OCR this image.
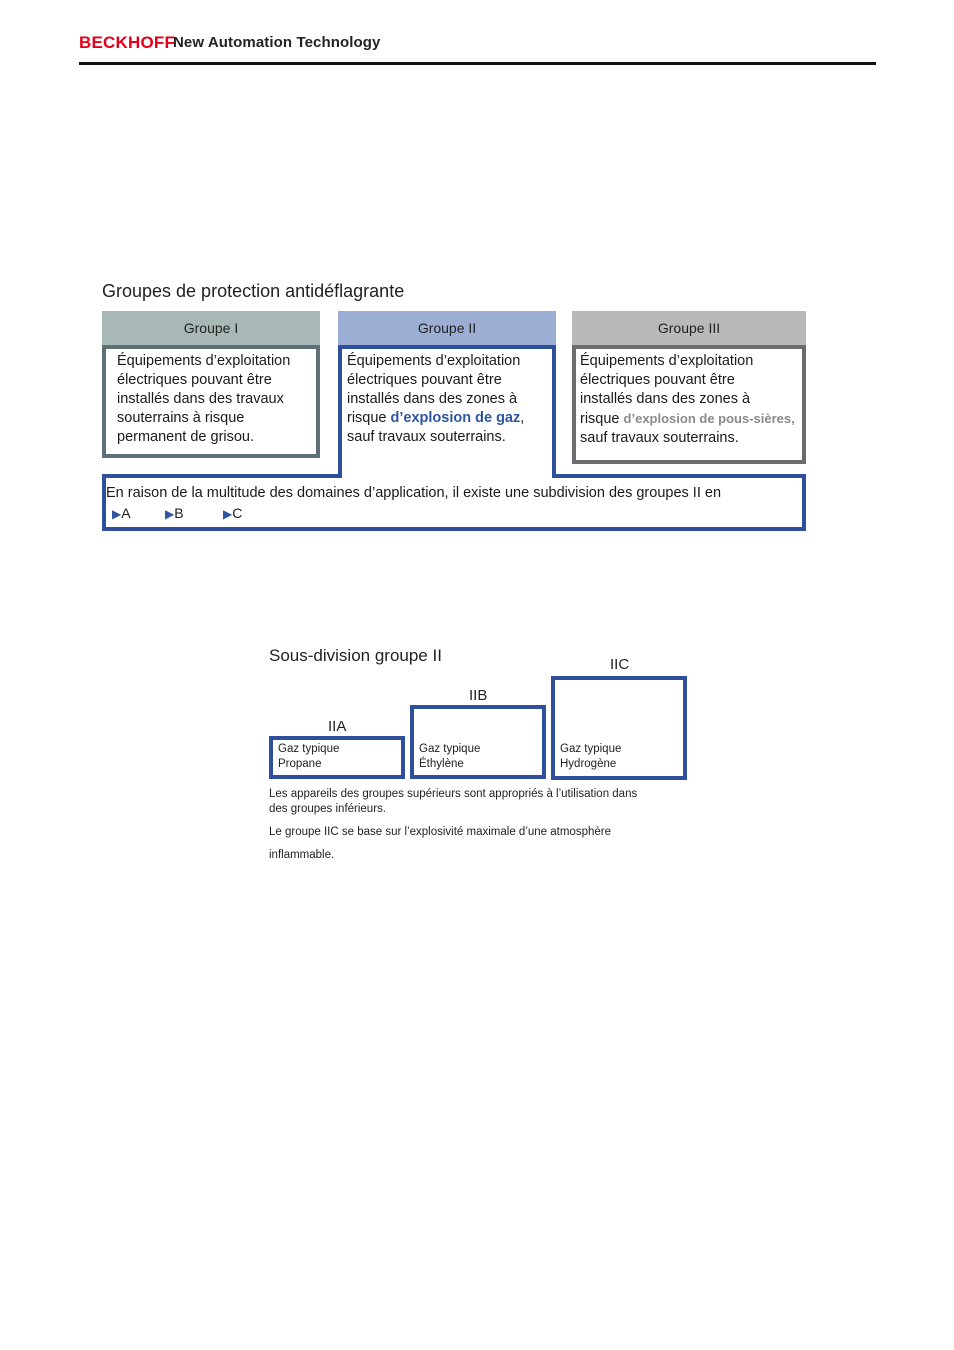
BECKHOFF
New Automation Technology
Groupes de protection antidéflagrante
Groupe I	Groupe II	Groupe III
En raison de la multitude des domaines d’application, il existe une subdivision des groupes II en
▶A	▶B	▶C
Équipements d’exploitation
électriques pouvant être
installés dans des travaux
souterrains à risque
permanent de grisou.
Équipements d’exploitation
électriques pouvant être
installés dans des zones à
risque d’explosion de gaz,
sauf travaux souterrains.
Équipements d’exploitation
électriques pouvant être
installés dans des zones à
risque d’explosion de pous-sières,
sauf travaux souterrains.
Sous-division groupe II
IIA
IIB
IIC
Gaz typique
Propane
Gaz typique
Éthylène
Gaz typique
Hydrogène
Les appareils des groupes supérieurs sont appropriés à l’utilisation dans
des groupes inférieurs.
Le groupe IIC se base sur l’explosivité maximale d’une atmosphère
inflammable.
